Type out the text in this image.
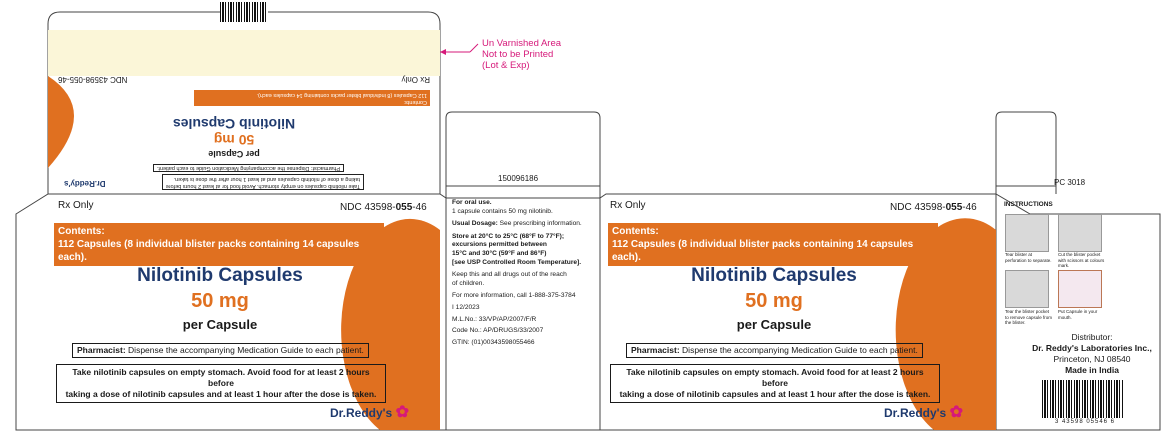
Un Varnished Area
Not to be Printed
(Lot & Exp)
Rx Only
NDC 43598-055-46
Contents:
112 Capsules (8 individual blister packs containing 14 capsules each).
Nilotinib Capsules
50 mg
per Capsule
Pharmacist: Dispense the accompanying Medication Guide to each patient.
Take nilotinib capsules on empty stomach. Avoid food for at least 2 hours before
taking a dose of nilotinib capsules and at least 1 hour after the dose is taken.
Dr.Reddy's
Rx Only	NDC 43598-055-46
Contents:
112 Capsules (8 individual blister packs containing 14 capsules each).
Nilotinib Capsules
50 mg
per Capsule
Pharmacist: Dispense the accompanying Medication Guide to each patient.
Take nilotinib capsules on empty stomach. Avoid food for at least 2 hours before
taking a dose of nilotinib capsules and at least 1 hour after the dose is taken.
Dr.Reddy's ✿
150096186

For oral use.

1 capsule contains 50 mg nilotinib.

Usual Dosage: See prescribing information.

Store at 20°C to 25°C (68°F to 77°F);

excursions permitted between

15°C and 30°C (59°F and 86°F)

[see USP Controlled Room Temperature].

Keep this and all drugs out of the reach

of children.

For more information, call 1-888-375-3784

I 12/2023

M.L.No.: 33/VP/AP/2007/F/R

Code No.: AP/DRUGS/33/2007

GTIN: (01)00343598055466

Rx Only	NDC 43598-055-46
Contents:
112 Capsules (8 individual blister packs containing 14 capsules each).
Nilotinib Capsules
50 mg
per Capsule
Pharmacist: Dispense the accompanying Medication Guide to each patient.
Take nilotinib capsules on empty stomach. Avoid food for at least 2 hours before
taking a dose of nilotinib capsules and at least 1 hour after the dose is taken.
Dr.Reddy's ✿
PC 3018
INSTRUCTIONS
Tear blister at perforation to separate.
Cut the blister pocket with scissors at colours mark.
Tear the blister pocket to remove capsule from the blister.
Put Capsule in your mouth.
Distributor:
Dr. Reddy's Laboratories Inc.,
Princeton, NJ 08540
Made in India
3 43598 05546 6
